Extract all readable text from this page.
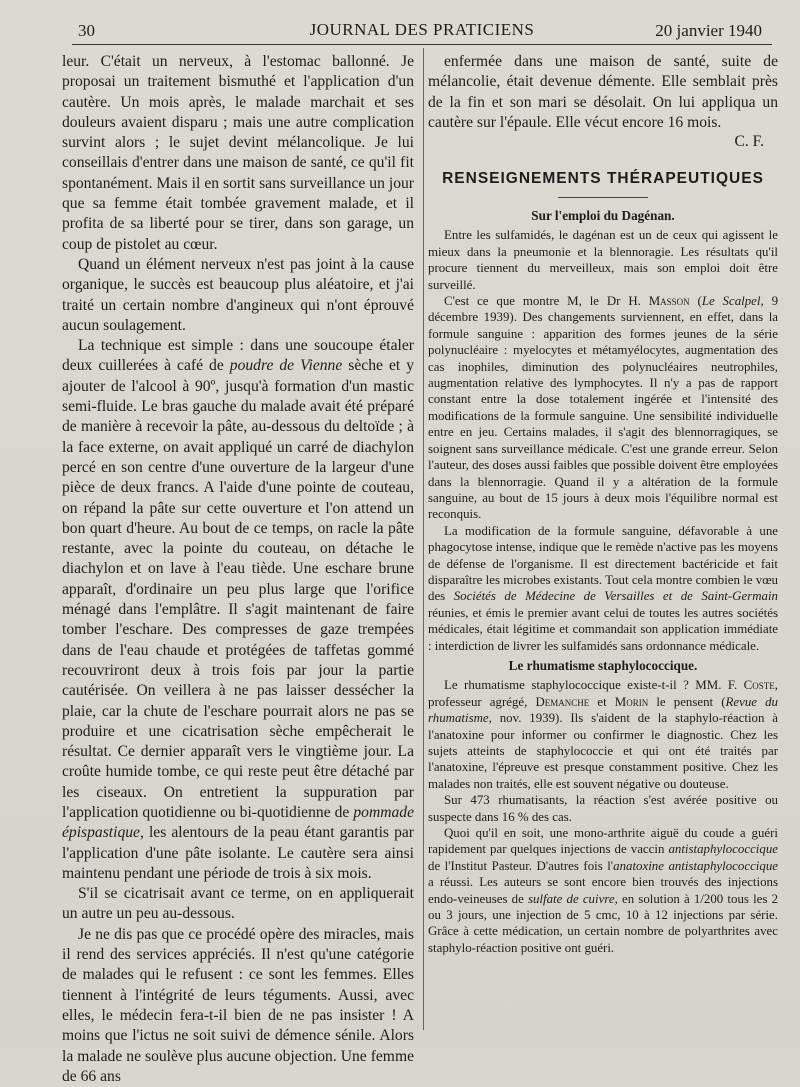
30	JOURNAL DES PRATICIENS	20 janvier 1940

leur. C'était un nerveux, à l'estomac ballonné. Je proposai un traitement bismuthé et l'application d'un cautère. Un mois après, le malade marchait et ses douleurs avaient disparu ; mais une autre complication survint alors ; le sujet devint mélancolique. Je lui conseillais d'entrer dans une maison de santé, ce qu'il fit spontanément. Mais il en sortit sans surveillance un jour que sa femme était tombée gravement malade, et il profita de sa liberté pour se tirer, dans son garage, un coup de pistolet au cœur.

Quand un élément nerveux n'est pas joint à la cause organique, le succès est beaucoup plus aléatoire, et j'ai traité un certain nombre d'angineux qui n'ont éprouvé aucun soulagement.

La technique est simple : dans une soucoupe étaler deux cuillerées à café de poudre de Vienne sèche et y ajouter de l'alcool à 90º, jusqu'à formation d'un mastic semi-fluide. Le bras gauche du malade avait été préparé de manière à recevoir la pâte, au-dessous du deltoïde ; à la face externe, on avait appliqué un carré de diachylon percé en son centre d'une ouverture de la largeur d'une pièce de deux francs. A l'aide d'une pointe de couteau, on répand la pâte sur cette ouverture et l'on attend un bon quart d'heure. Au bout de ce temps, on racle la pâte restante, avec la pointe du couteau, on détache le diachylon et on lave à l'eau tiède. Une eschare brune apparaît, d'ordinaire un peu plus large que l'orifice ménagé dans l'emplâtre. Il s'agit maintenant de faire tomber l'eschare. Des compresses de gaze trempées dans de l'eau chaude et protégées de taffetas gommé recouvriront deux à trois fois par jour la partie cautérisée. On veillera à ne pas laisser dessécher la plaie, car la chute de l'eschare pourrait alors ne pas se produire et une cicatrisation sèche empêcherait le résultat. Ce dernier apparaît vers le vingtième jour. La croûte humide tombe, ce qui reste peut être détaché par les ciseaux. On entretient la suppuration par l'application quotidienne ou bi-quotidienne de pommade épispastique, les alentours de la peau étant garantis par l'application d'une pâte isolante. Le cautère sera ainsi maintenu pendant une période de trois à six mois.

S'il se cicatrisait avant ce terme, on en appliquerait un autre un peu au-dessous.

Je ne dis pas que ce procédé opère des miracles, mais il rend des services appréciés. Il n'est qu'une catégorie de malades qui le refusent : ce sont les femmes. Elles tiennent à l'intégrité de leurs téguments. Aussi, avec elles, le médecin fera-t-il bien de ne pas insister ! A moins que l'ictus ne soit suivi de démence sénile. Alors la malade ne soulève plus aucune objection. Une femme de 66 ans

enfermée dans une maison de santé, suite de mélancolie, était devenue démente. Elle semblait près de la fin et son mari se désolait. On lui appliqua un cautère sur l'épaule. Elle vécut encore 16 mois.

C. F.
RENSEIGNEMENTS THÉRAPEUTIQUES
Sur l'emploi du Dagénan.

Entre les sulfamidés, le dagénan est un de ceux qui agissent le mieux dans la pneumonie et la blennoragie. Les résultats qu'il procure tiennent du merveilleux, mais son emploi doit être surveillé.

C'est ce que montre M, le Dr H. Masson (Le Scalpel, 9 décembre 1939). Des changements surviennent, en effet, dans la formule sanguine : apparition des formes jeunes de la série polynucléaire : myelocytes et métamyélocytes, augmentation des cas inophiles, diminution des polynucléaires neutrophiles, augmentation relative des lymphocytes. Il n'y a pas de rapport constant entre la dose totalement ingérée et l'intensité des modifications de la formule sanguine. Une sensibilité individuelle entre en jeu. Certains malades, il s'agit des blennorragiques, se soignent sans surveillance médicale. C'est une grande erreur. Selon l'auteur, des doses aussi faibles que possible doivent être employées dans la blennorragie. Quand il y a altération de la formule sanguine, au bout de 15 jours à deux mois l'équilibre normal est reconquis.

La modification de la formule sanguine, défavorable à une phagocytose intense, indique que le remède n'active pas les moyens de défense de l'organisme. Il est directement bactéricide et fait disparaître les microbes existants. Tout cela montre combien le vœu des Sociétés de Médecine de Versailles et de Saint-Germain réunies, et émis le premier avant celui de toutes les autres sociétés médicales, était légitime et commandait son application immédiate : interdiction de livrer les sulfamidés sans ordonnance médicale.

Le rhumatisme staphylococcique.

Le rhumatisme staphylococcique existe-t-il ? MM. F. Coste, professeur agrégé, Demanche et Morin le pensent (Revue du rhumatisme, nov. 1939). Ils s'aident de la staphylo-réaction à l'anatoxine pour informer ou confirmer le diagnostic. Chez les sujets atteints de staphylococcie et qui ont été traités par l'anatoxine, l'épreuve est presque constamment positive. Chez les malades non traités, elle est souvent négative ou douteuse.

Sur 473 rhumatisants, la réaction s'est avérée positive ou suspecte dans 16 % des cas.

Quoi qu'il en soit, une mono-arthrite aiguë du coude a guéri rapidement par quelques injections de vaccin antistaphylococcique de l'Institut Pasteur. D'autres fois l'anatoxine antistaphylococcique a réussi. Les auteurs se sont encore bien trouvés des injections endo-veineuses de sulfate de cuivre, en solution à 1/200 tous les 2 ou 3 jours, une injection de 5 cmc, 10 à 12 injections par série. Grâce à cette médication, un certain nombre de polyarthrites avec staphylo-réaction positive ont guéri.
